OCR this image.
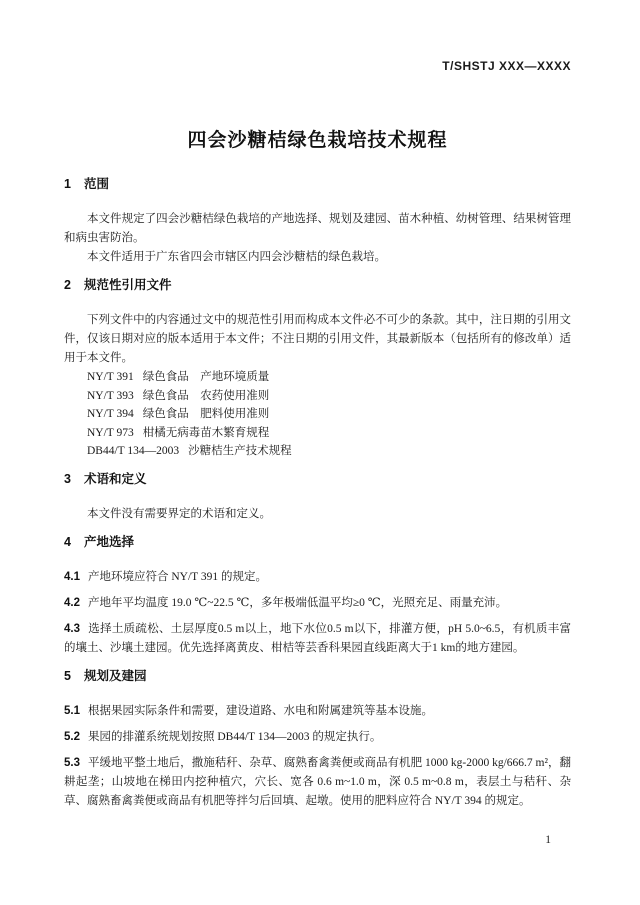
T/SHSTJ XXX—XXXX
四会沙糖桔绿色栽培技术规程
1 范围

本文件规定了四会沙糖桔绿色栽培的产地选择、规划及建园、苗木种植、幼树管理、结果树管理和病虫害防治。

本文件适用于广东省四会市辖区内四会沙糖桔的绿色栽培。

2 规范性引用文件

下列文件中的内容通过文中的规范性引用而构成本文件必不可少的条款。其中，注日期的引用文件，仅该日期对应的版本适用于本文件；不注日期的引用文件，其最新版本（包括所有的修改单）适用于本文件。

NY/T 391 绿色食品　产地环境质量
NY/T 393 绿色食品　农药使用准则
NY/T 394 绿色食品　肥料使用准则
NY/T 973 柑橘无病毒苗木繁育规程
DB44/T 134—2003 沙糖桔生产技术规程
3 术语和定义

本文件没有需要界定的术语和定义。

4 产地选择

4.1 产地环境应符合 NY/T 391 的规定。

4.2 产地年平均温度 19.0 ℃~22.5 ℃，多年极端低温平均≥0 ℃，光照充足、雨量充沛。

4.3 选择土质疏松、土层厚度0.5 m以上，地下水位0.5 m以下，排灌方便，pH 5.0~6.5，有机质丰富的壤土、沙壤土建园。优先选择离黄皮、柑桔等芸香科果园直线距离大于1 km的地方建园。

5 规划及建园

5.1 根据果园实际条件和需要，建设道路、水电和附属建筑等基本设施。

5.2 果园的排灌系统规划按照 DB44/T 134—2003 的规定执行。

5.3 平缓地平整土地后，撒施秸秆、杂草、腐熟畜禽粪便或商品有机肥 1000 kg-2000 kg/666.7 m²，翻耕起垄；山坡地在梯田内挖种植穴，穴长、宽各 0.6 m~1.0 m，深 0.5 m~0.8 m，表层土与秸秆、杂草、腐熟畜禽粪便或商品有机肥等拌匀后回填、起墩。使用的肥料应符合 NY/T 394 的规定。

1
